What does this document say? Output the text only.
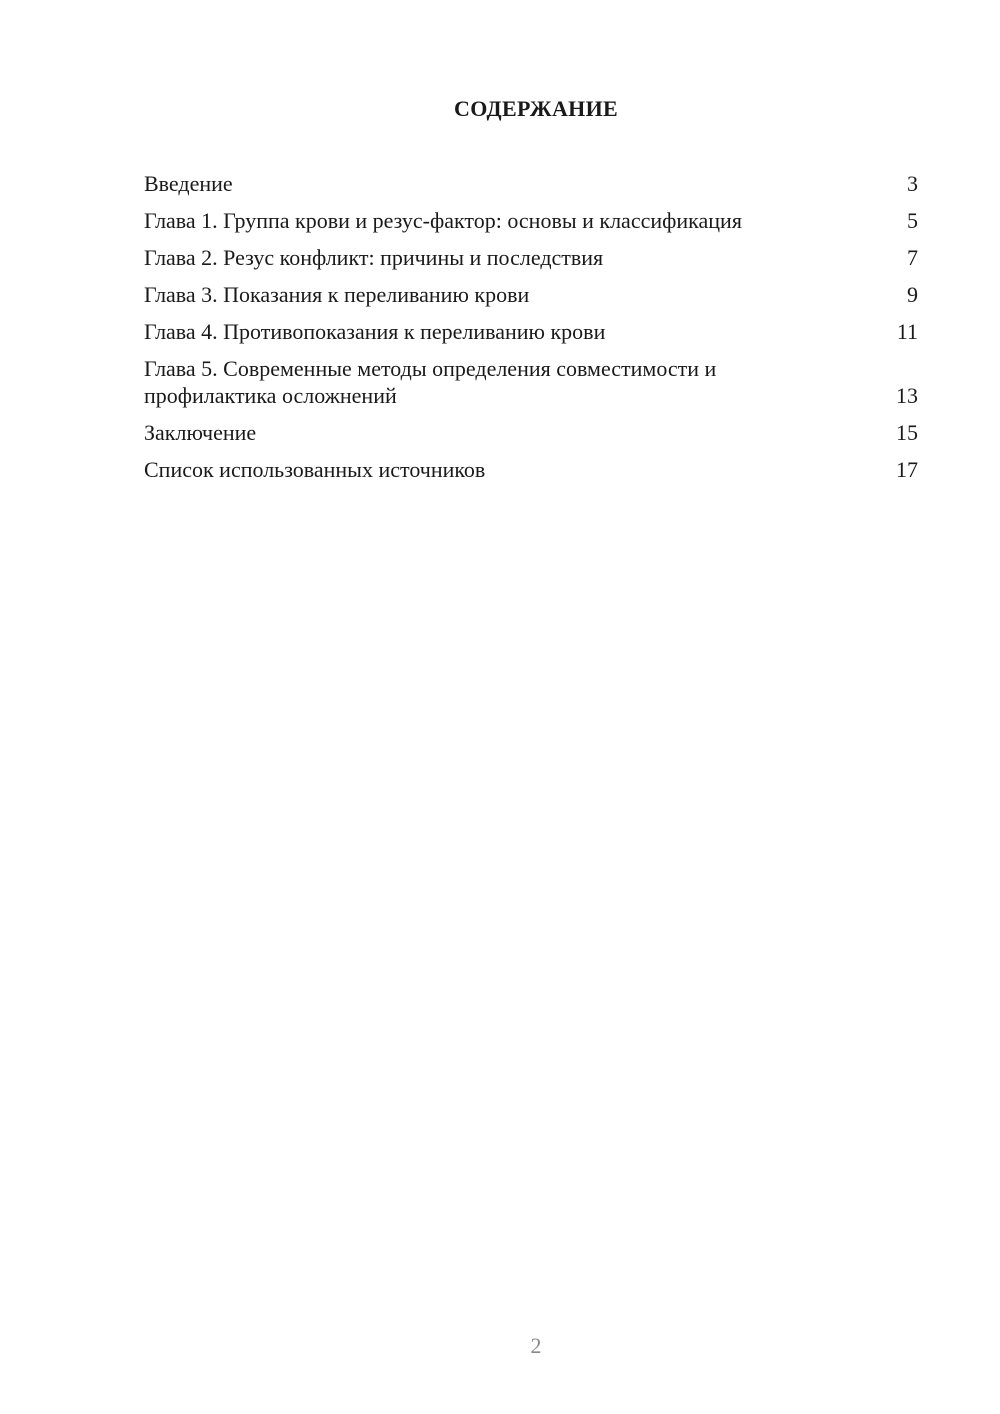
СОДЕРЖАНИЕ
Введение	3
Глава 1. Группа крови и резус-фактор: основы и классификация	5
Глава 2. Резус конфликт: причины и последствия	7
Глава 3. Показания к переливанию крови	9
Глава 4. Противопоказания к переливанию крови	11
Глава 5. Современные методы определения совместимости и профилактика осложнений	13
Заключение	15
Список использованных источников	17
2
